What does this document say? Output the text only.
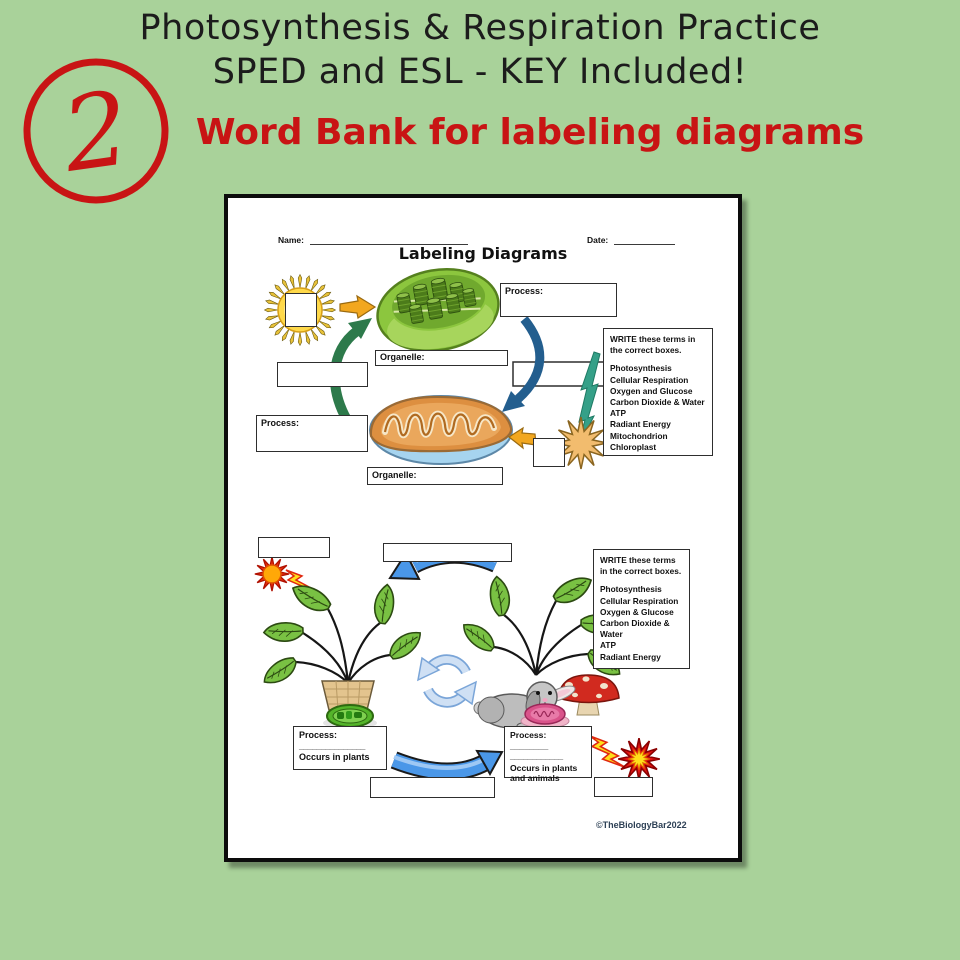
Photosynthesis & Respiration Practice
SPED and ESL - KEY Included!
2 Word Bank for labeling diagrams
Name:	Date:
Labeling Diagrams
Process:
Organelle:
Process:
Organelle:
WRITE these terms in
the correct boxes.
Photosynthesis
Cellular Respiration
Oxygen and Glucose
Carbon Dioxide & Water
ATP
Radiant Energy
Mitochondrion
Chloroplast
WRITE these terms
in the correct boxes.
Photosynthesis
Cellular Respiration
Oxygen & Glucose
Carbon Dioxide &
Water
ATP
Radiant Energy
Process:
_______________
Occurs in plants
Process: ________
____________
Occurs in plants
and animals
©TheBiologyBar2022
